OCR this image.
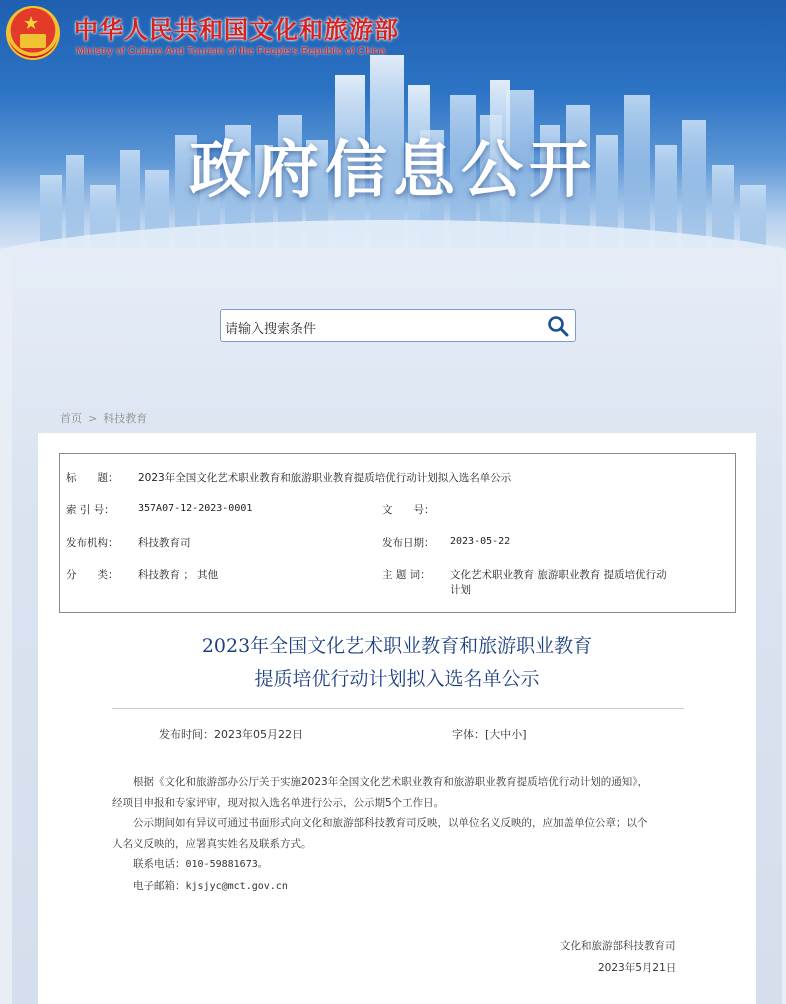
★ 中华人民共和国文化和旅游部
Ministry of Culture And Tourism of the People's Republic of China
政府信息公开
请输入搜索条件
首页 > 科技教育
标　　题： 2023年全国文化艺术职业教育和旅游职业教育提质培优行动计划拟入选名单公示
索 引 号： 357A07-12-2023-0001	文　　号：
发布机构： 科技教育司	发布日期： 2023-05-22
分　　类： 科技教育 ； 其他	主 题 词： 文化艺术职业教育 旅游职业教育 提质培优行动
计划
2023年全国文化艺术职业教育和旅游职业教育
提质培优行动计划拟入选名单公示
发布时间：2023年05月22日	字体：[大中小]

根据《文化和旅游部办公厅关于实施2023年全国文化艺术职业教育和旅游职业教育提质培优行动计划的通知》，

经项目申报和专家评审，现对拟入选名单进行公示，公示期5个工作日。

公示期间如有异议可通过书面形式向文化和旅游部科技教育司反映，以单位名义反映的，应加盖单位公章；以个

人名义反映的，应署真实姓名及联系方式。

联系电话：010-59881673。

电子邮箱：kjsjyc@mct.gov.cn

文化和旅游部科技教育司
2023年5月21日
